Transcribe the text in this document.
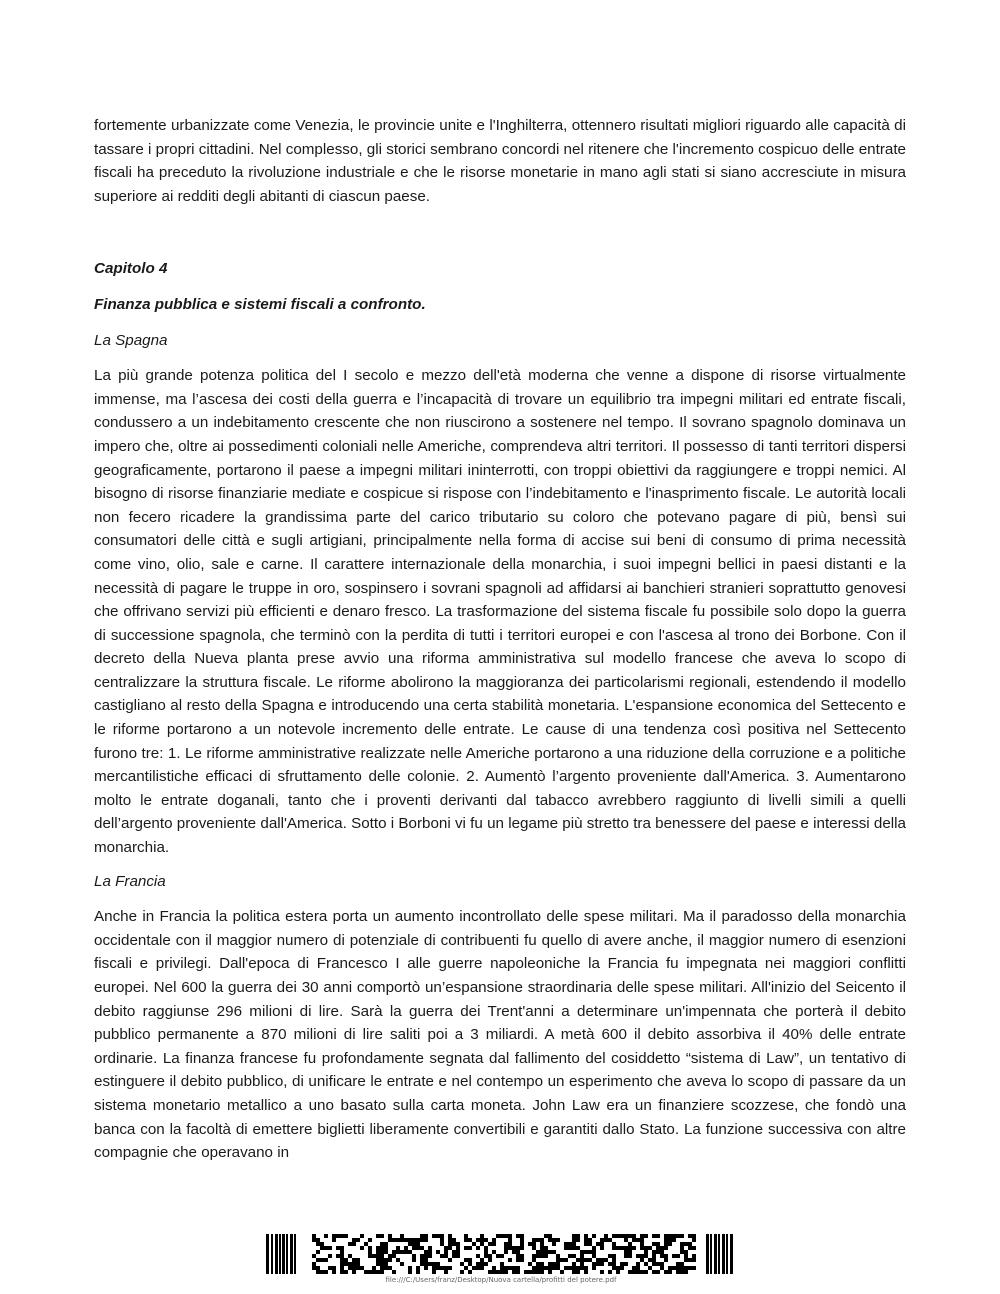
fortemente urbanizzate come Venezia, le provincie unite e l'Inghilterra, ottennero risultati migliori riguardo alle capacità di tassare i propri cittadini. Nel complesso, gli storici sembrano concordi nel ritenere che l'incremento cospicuo delle entrate fiscali ha preceduto la rivoluzione industriale e che le risorse monetarie in mano agli stati si siano accresciute in misura superiore ai redditi degli abitanti di ciascun paese.

Capitolo 4

Finanza pubblica e sistemi fiscali a confronto.

La Spagna

La più grande potenza politica del I secolo e mezzo dell'età moderna che venne a dispone di risorse virtualmente immense, ma l’ascesa dei costi della guerra e l’incapacità di trovare un equilibrio tra impegni militari ed entrate fiscali, condussero a un indebitamento crescente che non riuscirono a sostenere nel tempo. Il sovrano spagnolo dominava un impero che, oltre ai possedimenti coloniali nelle Americhe, comprendeva altri territori. Il possesso di tanti territori dispersi geograficamente, portarono il paese a impegni militari ininterrotti, con troppi obiettivi da raggiungere e troppi nemici. Al bisogno di risorse finanziarie mediate e cospicue si rispose con l’indebitamento e l'inasprimento fiscale. Le autorità locali non fecero ricadere la grandissima parte del carico tributario su coloro che potevano pagare di più, bensì sui consumatori delle città e sugli artigiani, principalmente nella forma di accise sui beni di consumo di prima necessità come vino, olio, sale e carne. Il carattere internazionale della monarchia, i suoi impegni bellici in paesi distanti e la necessità di pagare le truppe in oro, sospinsero i sovrani spagnoli ad affidarsi ai banchieri stranieri soprattutto genovesi che offrivano servizi più efficienti e denaro fresco. La trasformazione del sistema fiscale fu possibile solo dopo la guerra di successione spagnola, che terminò con la perdita di tutti i territori europei e con l'ascesa al trono dei Borbone. Con il decreto della Nueva planta prese avvio una riforma amministrativa sul modello francese che aveva lo scopo di centralizzare la struttura fiscale. Le riforme abolirono la maggioranza dei particolarismi regionali, estendendo il modello castigliano al resto della Spagna e introducendo una certa stabilità monetaria. L'espansione economica del Settecento e le riforme portarono a un notevole incremento delle entrate. Le cause di una tendenza così positiva nel Settecento furono tre: 1. Le riforme amministrative realizzate nelle Americhe portarono a una riduzione della corruzione e a politiche mercantilistiche efficaci di sfruttamento delle colonie. 2. Aumentò l’argento proveniente dall'America. 3. Aumentarono molto le entrate doganali, tanto che i proventi derivanti dal tabacco avrebbero raggiunto di livelli simili a quelli dell’argento proveniente dall'America. Sotto i Borboni vi fu un legame più stretto tra benessere del paese e interessi della monarchia.

La Francia

Anche in Francia la politica estera porta un aumento incontrollato delle spese militari. Ma il paradosso della monarchia occidentale con il maggior numero di potenziale di contribuenti fu quello di avere anche, il maggior numero di esenzioni fiscali e privilegi. Dall'epoca di Francesco I alle guerre napoleoniche la Francia fu impegnata nei maggiori conflitti europei. Nel 600 la guerra dei 30 anni comportò un’espansione straordinaria delle spese militari. All'inizio del Seicento il debito raggiunse 296 milioni di lire. Sarà la guerra dei Trent'anni a determinare un'impennata che porterà il debito pubblico permanente a 870 milioni di lire saliti poi a 3 miliardi. A metà 600 il debito assorbiva il 40% delle entrate ordinarie. La finanza francese fu profondamente segnata dal fallimento del cosiddetto “sistema di Law”, un tentativo di estinguere il debito pubblico, di unificare le entrate e nel contempo un esperimento che aveva lo scopo di passare da un sistema monetario metallico a uno basato sulla carta moneta. John Law era un finanziere scozzese, che fondò una banca con la facoltà di emettere biglietti liberamente convertibili e garantiti dallo Stato. La funzione successiva con altre compagnie che operavano in

file:///C:/Users/franz/Desktop/Nuova cartella/profitti del potere.pdf
